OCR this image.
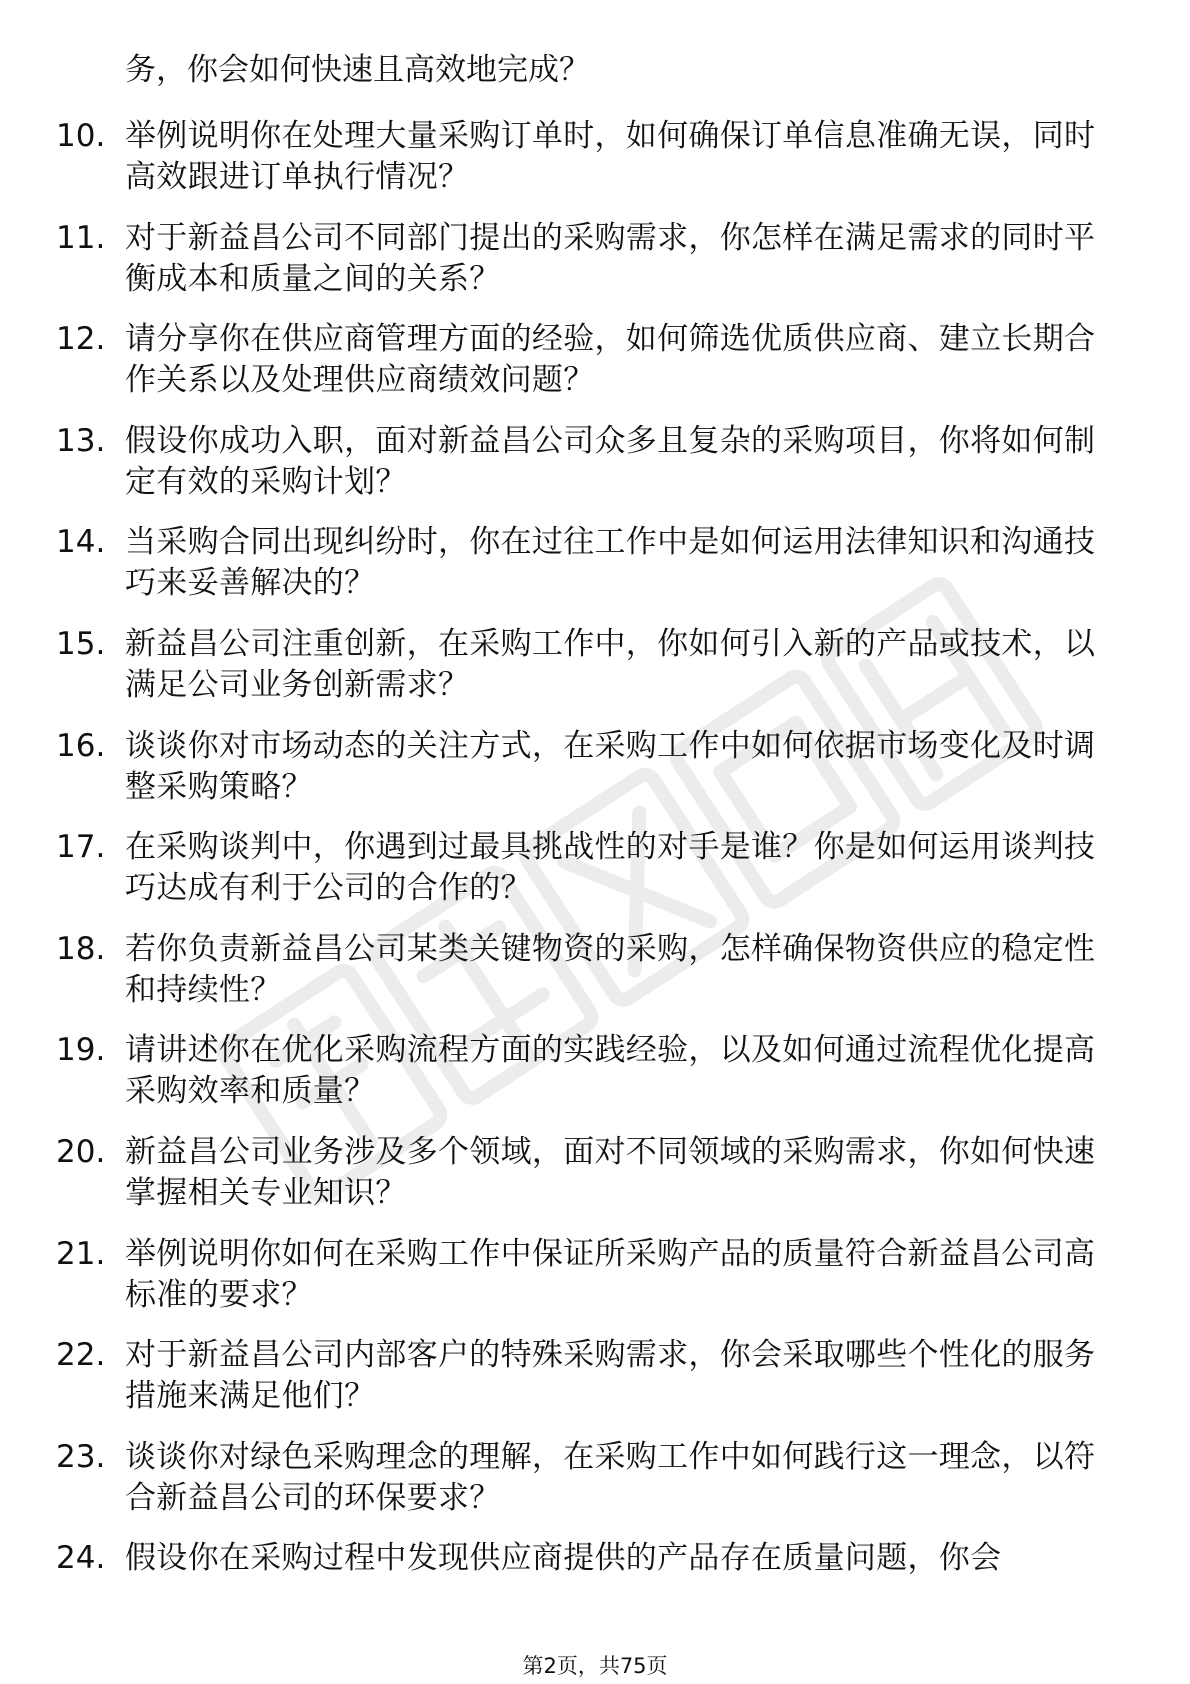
务，你会如何快速且高效地完成？
10. 举例说明你在处理大量采购订单时，如何确保订单信息准确无误，同时高效跟进订单执行情况？
11. 对于新益昌公司不同部门提出的采购需求，你怎样在满足需求的同时平衡成本和质量之间的关系？
12. 请分享你在供应商管理方面的经验，如何筛选优质供应商、建立长期合作关系以及处理供应商绩效问题？
13. 假设你成功入职，面对新益昌公司众多且复杂的采购项目，你将如何制定有效的采购计划？
14. 当采购合同出现纠纷时，你在过往工作中是如何运用法律知识和沟通技巧来妥善解决的？
15. 新益昌公司注重创新，在采购工作中，你如何引入新的产品或技术，以满足公司业务创新需求？
16. 谈谈你对市场动态的关注方式，在采购工作中如何依据市场变化及时调整采购策略？
17. 在采购谈判中，你遇到过最具挑战性的对手是谁？你是如何运用谈判技巧达成有利于公司的合作的？
18. 若你负责新益昌公司某类关键物资的采购，怎样确保物资供应的稳定性和持续性？
19. 请讲述你在优化采购流程方面的实践经验，以及如何通过流程优化提高采购效率和质量？
20. 新益昌公司业务涉及多个领域，面对不同领域的采购需求，你如何快速掌握相关专业知识？
21. 举例说明你如何在采购工作中保证所采购产品的质量符合新益昌公司高标准的要求？
22. 对于新益昌公司内部客户的特殊采购需求，你会采取哪些个性化的服务措施来满足他们？
23. 谈谈你对绿色采购理念的理解，在采购工作中如何践行这一理念，以符合新益昌公司的环保要求？
24. 假设你在采购过程中发现供应商提供的产品存在质量问题，你会
第2页，共75页
